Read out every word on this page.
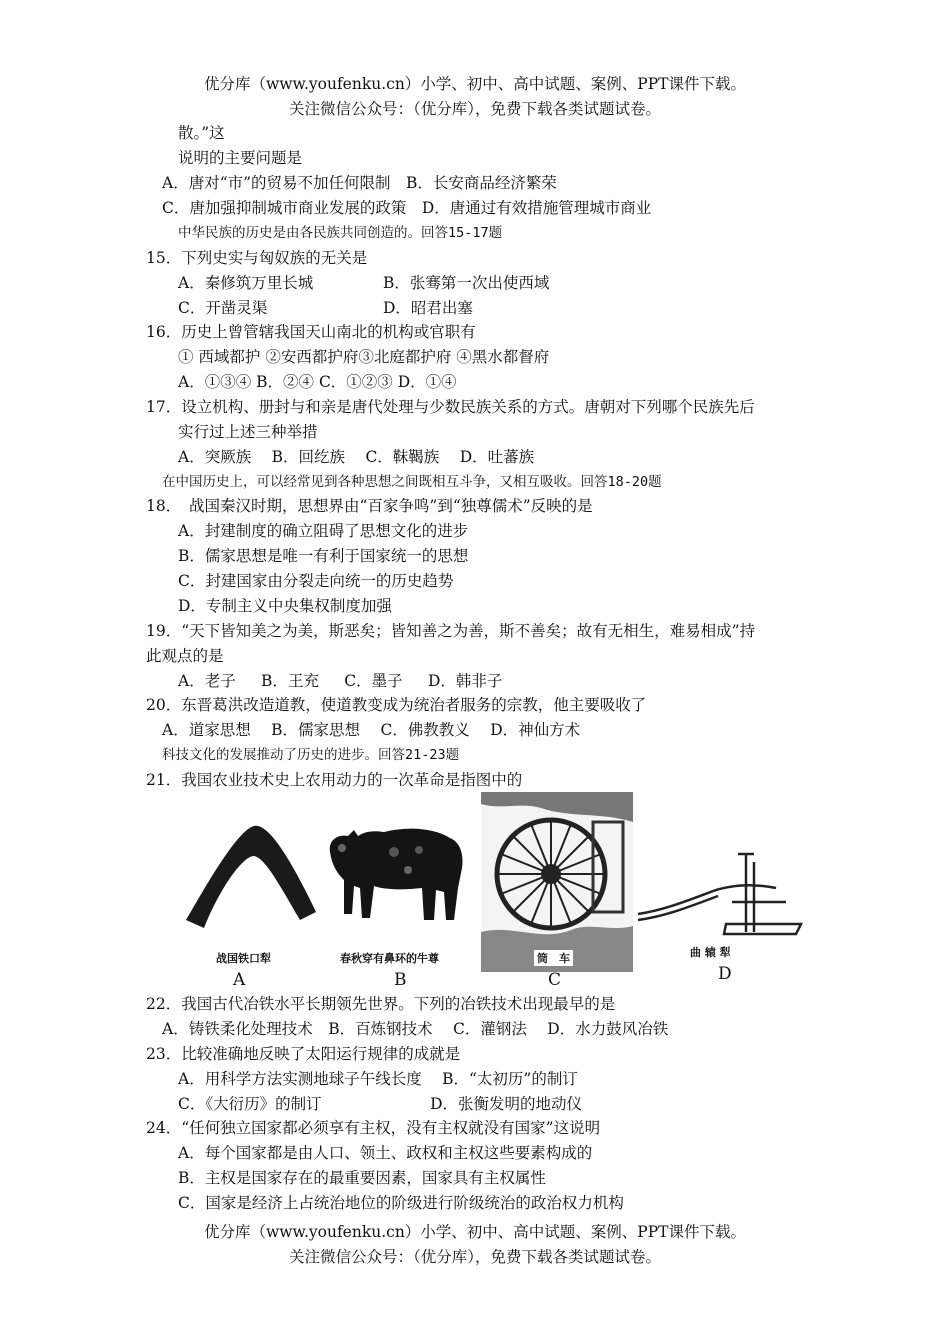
优分库（www.youfenku.cn）小学、初中、高中试题、案例、PPT课件下载。
关注微信公众号：（优分库），免费下载各类试题试卷。
散。”这
说明的主要问题是
A．唐对“市”的贸易不加任何限制　B．长安商品经济繁荣
C．唐加强抑制城市商业发展的政策　D．唐通过有效措施管理城市商业
中华民族的历史是由各民族共同创造的。回答15-17题
15．下列史实与匈奴族的无关是
A．秦修筑万里长城	B．张骞第一次出使西域
C．开凿灵渠	D．昭君出塞
16．历史上曾管辖我国天山南北的机构或官职有
① 西域都护 ②安西都护府③北庭都护府 ④黑水都督府
A．①③④ B．②④ C．①②③ D．①④
17．设立机构、册封与和亲是唐代处理与少数民族关系的方式。唐朝对下列哪个民族先后
实行过上述三种举措
A．突厥族 　B．回纥族 　C．靺鞨族 　D．吐蕃族
在中国历史上，可以经常见到各种思想之间既相互斗争，又相互吸收。回答18-20题
18．　战国秦汉时期，思想界由“百家争鸣”到“独尊儒术”反映的是
A．封建制度的确立阻碍了思想文化的进步
B．儒家思想是唯一有利于国家统一的思想
C．封建国家由分裂走向统一的历史趋势
D．专制主义中央集权制度加强
19．“天下皆知美之为美，斯恶矣；皆知善之为善，斯不善矣；故有无相生，难易相成”持
此观点的是
A．老子 　 B．王充 　 C．墨子 　 D．韩非子
20．东晋葛洪改造道教，使道教变成为统治者服务的宗教，他主要吸收了
A．道家思想 　B．儒家思想 　C．佛教教义 　D．神仙方术
科技文化的发展推动了历史的进步。回答21-23题
21．我国农业技术史上农用动力的一次革命是指图中的
战国铁口犁
A
春秋穿有鼻环的牛尊
B
筒　车
C
曲 辕 犁
D
22．我国古代冶铁水平长期领先世界。下列的冶铁技术出现最早的是
A．铸铁柔化处理技术　B．百炼钢技术 　C．灌钢法 　D．水力鼓风冶铁
23．比较准确地反映了太阳运行规律的成就是
A．用科学方法实测地球子午线长度 　B．“太初历”的制订
C．《大衍历》的制订　　　　　　　D．张衡发明的地动仪
24．“任何独立国家都必须享有主权，没有主权就没有国家”这说明
A．每个国家都是由人口、领土、政权和主权这些要素构成的
B．主权是国家存在的最重要因素，国家具有主权属性
C．国家是经济上占统治地位的阶级进行阶级统治的政治权力机构
优分库（www.youfenku.cn）小学、初中、高中试题、案例、PPT课件下载。
关注微信公众号：（优分库），免费下载各类试题试卷。
